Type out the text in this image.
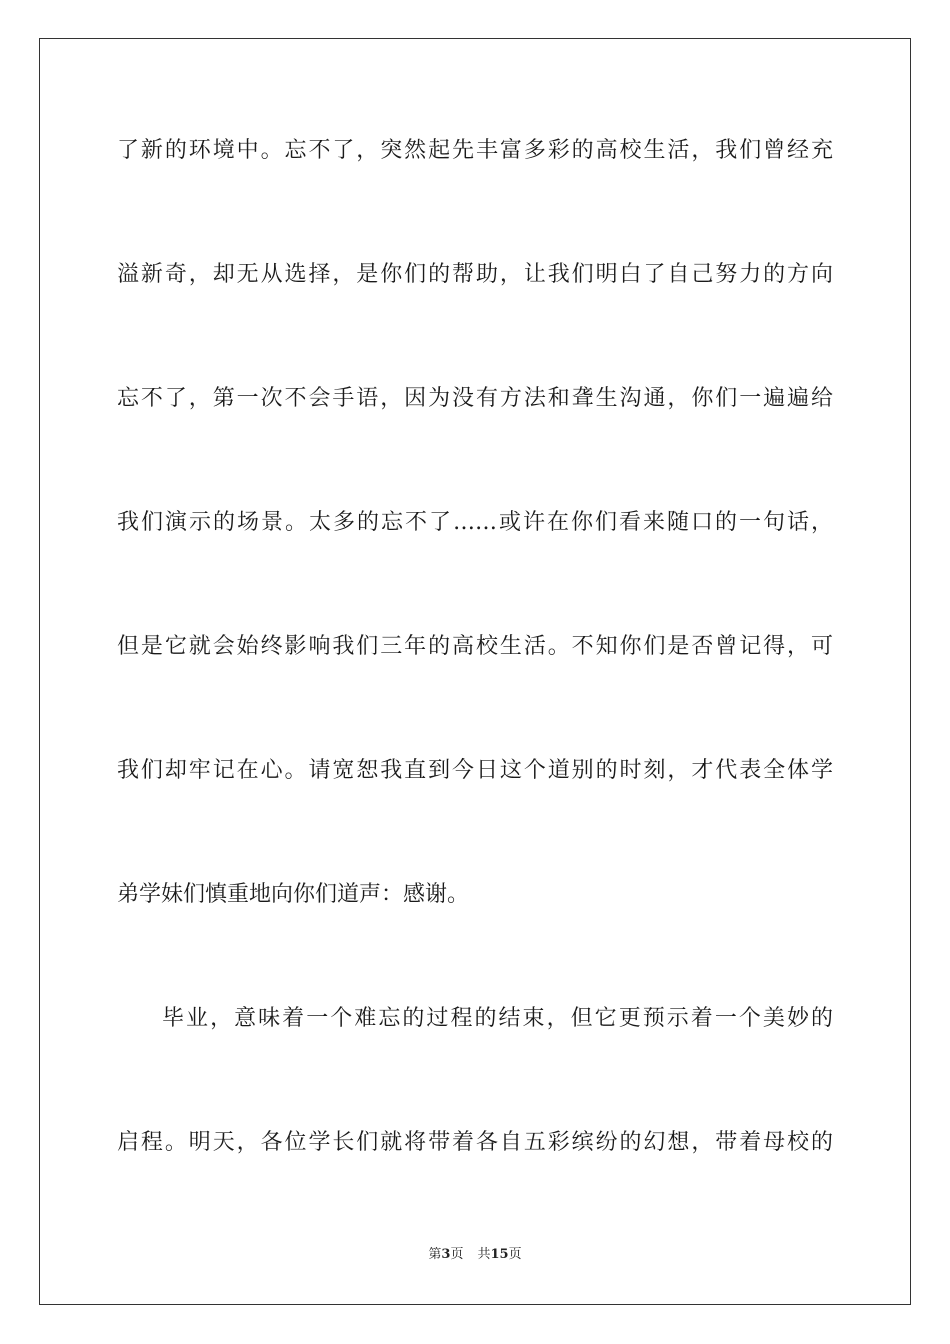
了新的环境中。忘不了，突然起先丰富多彩的高校生活，我们曾经充
溢新奇，却无从选择，是你们的帮助，让我们明白了自己努力的方向
忘不了，第一次不会手语，因为没有方法和聋生沟通，你们一遍遍给
我们演示的场景。太多的忘不了……或许在你们看来随口的一句话，
但是它就会始终影响我们三年的高校生活。不知你们是否曾记得，可
我们却牢记在心。请宽恕我直到今日这个道别的时刻，才代表全体学
弟学妹们慎重地向你们道声：感谢。
毕业，意味着一个难忘的过程的结束，但它更预示着一个美妙的
启程。明天，各位学长们就将带着各自五彩缤纷的幻想，带着母校的
第3页 共15页
